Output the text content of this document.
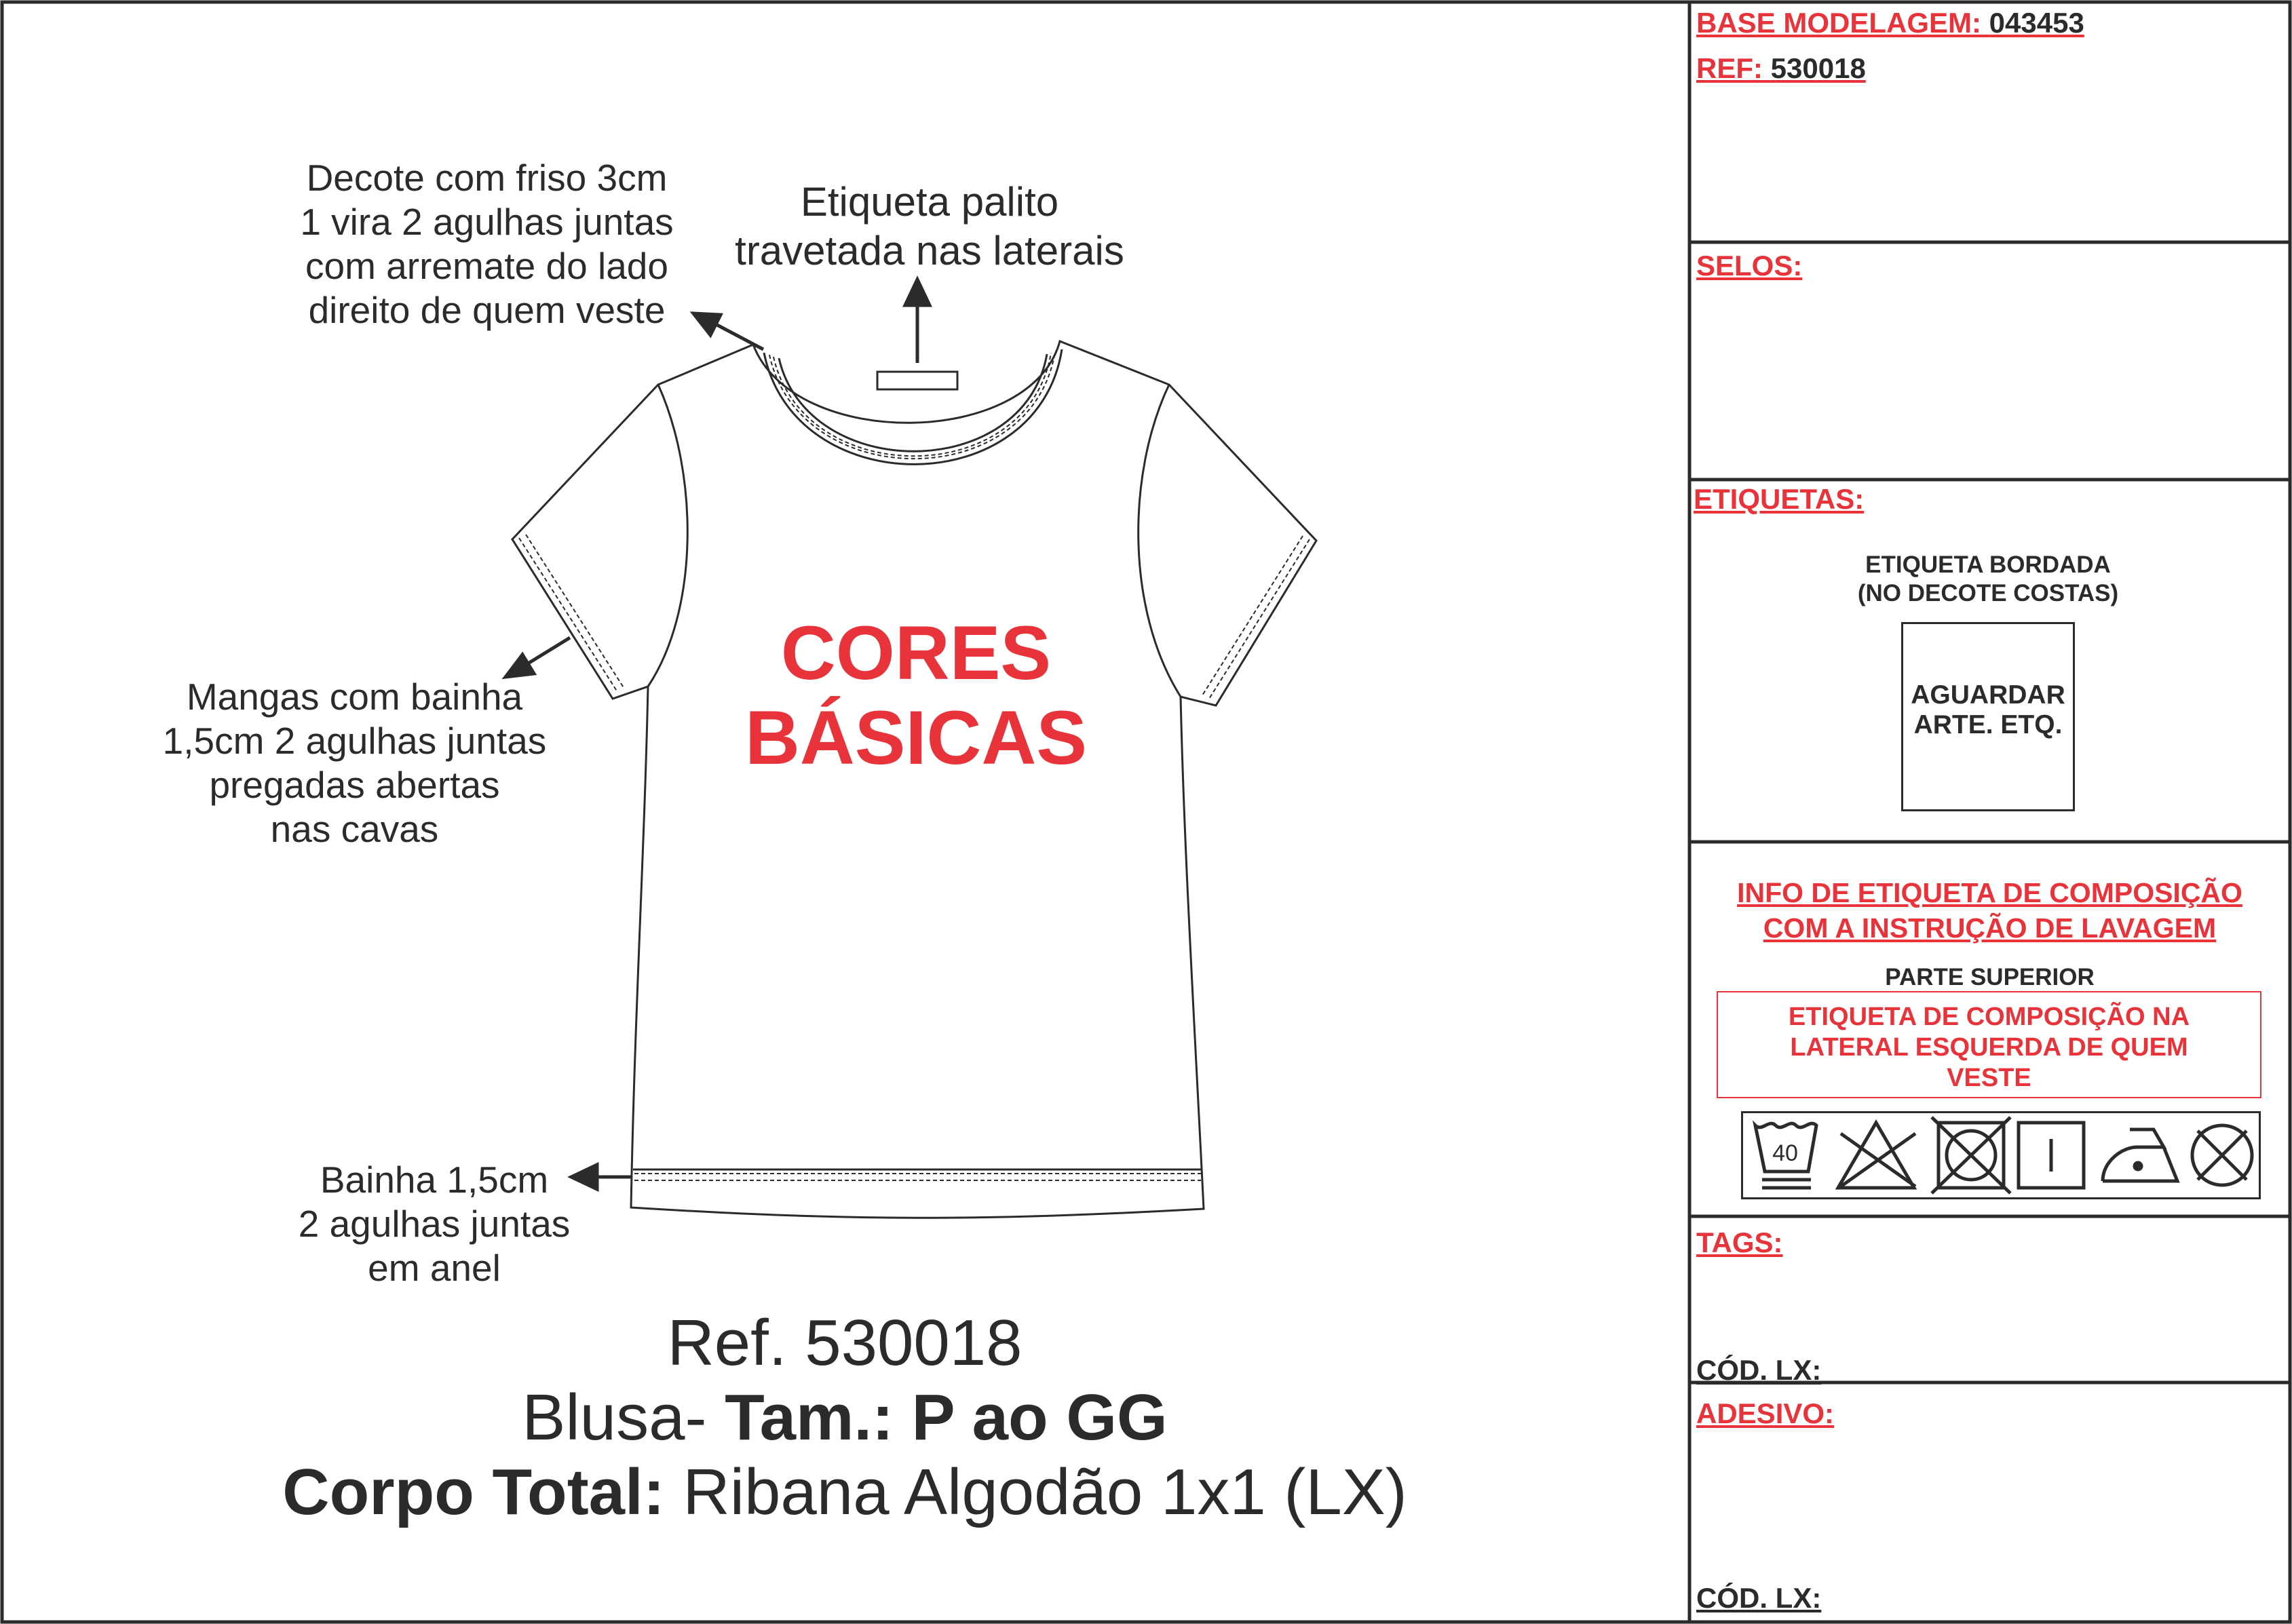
Decote com friso 3cm
1 vira 2 agulhas juntas
com arremate do lado
direito de quem veste
Etiqueta palito
travetada nas laterais
Mangas com bainha
1,5cm 2 agulhas juntas
pregadas abertas
nas cavas
Bainha 1,5cm
2 agulhas juntas
em anel
CORES
BÁSICAS
Ref. 530018
Blusa- Tam.: P ao GG
Corpo Total: Ribana Algodão 1x1 (LX)
BASE MODELAGEM: 043453
REF: 530018
SELOS:
ETIQUETAS:
ETIQUETA BORDADA
(NO DECOTE COSTAS)
AGUARDAR
ARTE. ETQ.
INFO DE ETIQUETA DE COMPOSIÇÃO
COM A INSTRUÇÃO DE LAVAGEM
PARTE SUPERIOR
ETIQUETA DE COMPOSIÇÃO NA
LATERAL ESQUERDA DE QUEM
VESTE
40
TAGS:
CÓD. LX:
ADESIVO:
CÓD. LX:
